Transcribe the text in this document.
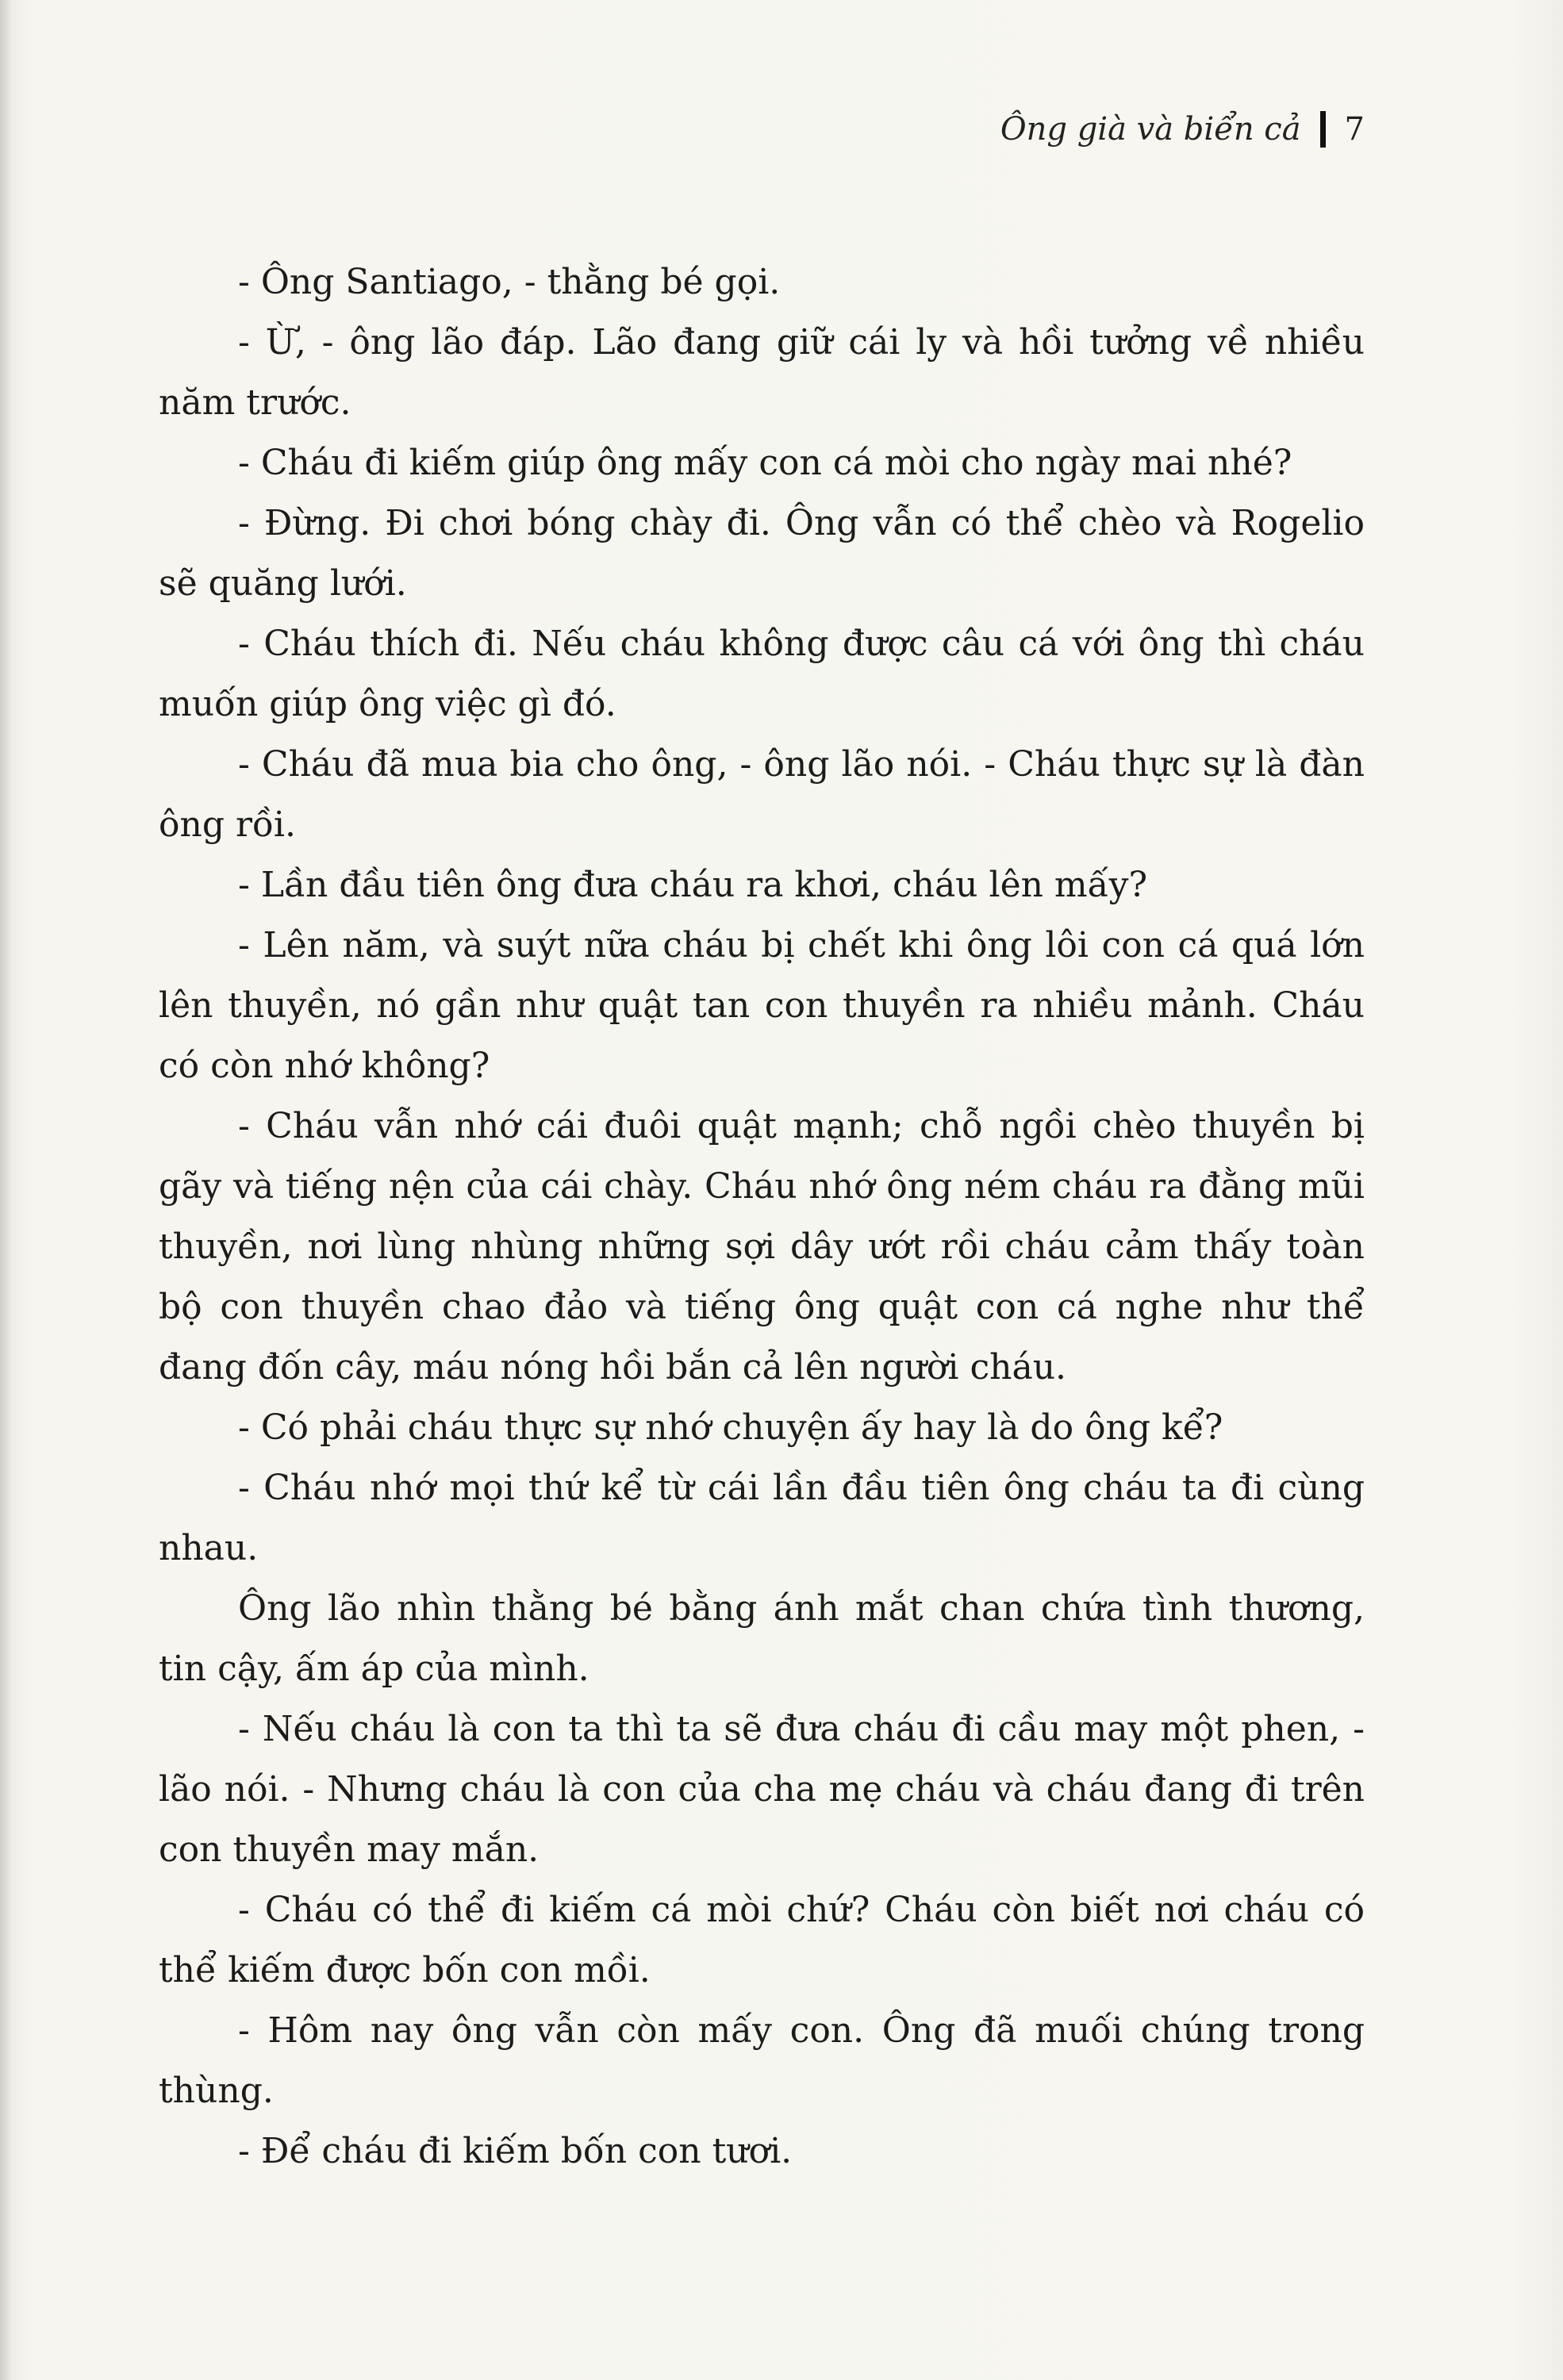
Ông già và biển cả 7

- Ông Santiago, - thằng bé gọi.

- Ừ, - ông lão đáp. Lão đang giữ cái ly và hồi tưởng về nhiều năm trước.

- Cháu đi kiếm giúp ông mấy con cá mòi cho ngày mai nhé?

- Đừng. Đi chơi bóng chày đi. Ông vẫn có thể chèo và Rogelio sẽ quăng lưới.

- Cháu thích đi. Nếu cháu không được câu cá với ông thì cháu muốn giúp ông việc gì đó.

- Cháu đã mua bia cho ông, - ông lão nói. - Cháu thực sự là đàn ông rồi.

- Lần đầu tiên ông đưa cháu ra khơi, cháu lên mấy?

- Lên năm, và suýt nữa cháu bị chết khi ông lôi con cá quá lớn lên thuyền, nó gần như quật tan con thuyền ra nhiều mảnh. Cháu có còn nhớ không?

- Cháu vẫn nhớ cái đuôi quật mạnh; chỗ ngồi chèo thuyền bị gãy và tiếng nện của cái chày. Cháu nhớ ông ném cháu ra đằng mũi thuyền, nơi lùng nhùng những sợi dây ướt rồi cháu cảm thấy toàn bộ con thuyền chao đảo và tiếng ông quật con cá nghe như thể đang đốn cây, máu nóng hồi bắn cả lên người cháu.

- Có phải cháu thực sự nhớ chuyện ấy hay là do ông kể?

- Cháu nhớ mọi thứ kể từ cái lần đầu tiên ông cháu ta đi cùng nhau.

Ông lão nhìn thằng bé bằng ánh mắt chan chứa tình thương, tin cậy, ấm áp của mình.

- Nếu cháu là con ta thì ta sẽ đưa cháu đi cầu may một phen, - lão nói. - Nhưng cháu là con của cha mẹ cháu và cháu đang đi trên con thuyền may mắn.

- Cháu có thể đi kiếm cá mòi chứ? Cháu còn biết nơi cháu có thể kiếm được bốn con mồi.

- Hôm nay ông vẫn còn mấy con. Ông đã muối chúng trong thùng.

- Để cháu đi kiếm bốn con tươi.
